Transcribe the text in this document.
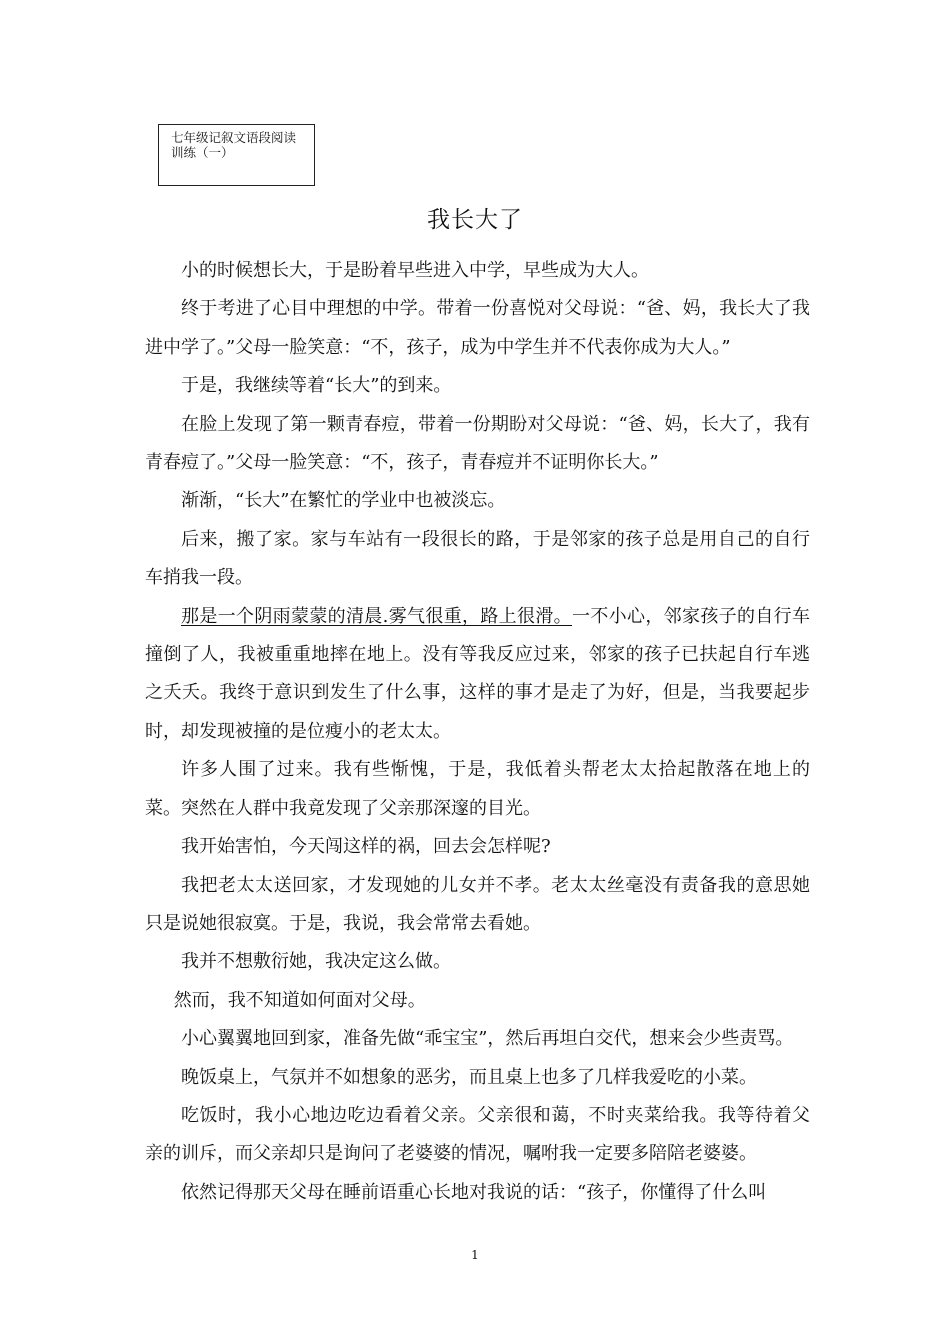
七年级记叙文语段阅读训练（一）
我长大了

小的时候想长大，于是盼着早些进入中学，早些成为大人。

终于考进了心目中理想的中学。带着一份喜悦对父母说：“爸、妈，我长大了我进中学了。”父母一脸笑意：“不，孩子，成为中学生并不代表你成为大人。”

于是，我继续等着“长大”的到来。

在脸上发现了第一颗青春痘，带着一份期盼对父母说：“爸、妈，长大了，我有青春痘了。”父母一脸笑意：“不，孩子，青春痘并不证明你长大。”

渐渐，“长大”在繁忙的学业中也被淡忘。

后来，搬了家。家与车站有一段很长的路，于是邻家的孩子总是用自己的自行车捎我一段。

那是一个阴雨蒙蒙的清晨.雾气很重，路上很滑。一不小心，邻家孩子的自行车撞倒了人，我被重重地摔在地上。没有等我反应过来，邻家的孩子已扶起自行车逃之夭夭。我终于意识到发生了什么事，这样的事才是走了为好，但是，当我要起步时，却发现被撞的是位瘦小的老太太。

许多人围了过来。我有些惭愧，于是，我低着头帮老太太拾起散落在地上的菜。突然在人群中我竟发现了父亲那深邃的目光。

我开始害怕，今天闯这样的祸，回去会怎样呢?

我把老太太送回家，才发现她的儿女并不孝。老太太丝毫没有责备我的意思她只是说她很寂寞。于是，我说，我会常常去看她。

我并不想敷衍她，我决定这么做。

然而，我不知道如何面对父母。

小心翼翼地回到家，准备先做“乖宝宝”，然后再坦白交代，想来会少些责骂。

晚饭桌上，气氛并不如想象的恶劣，而且桌上也多了几样我爱吃的小菜。

吃饭时，我小心地边吃边看着父亲。父亲很和蔼，不时夹菜给我。我等待着父亲的训斥，而父亲却只是询问了老婆婆的情况，嘱咐我一定要多陪陪老婆婆。

依然记得那天父母在睡前语重心长地对我说的话：“孩子，你懂得了什么叫

1
